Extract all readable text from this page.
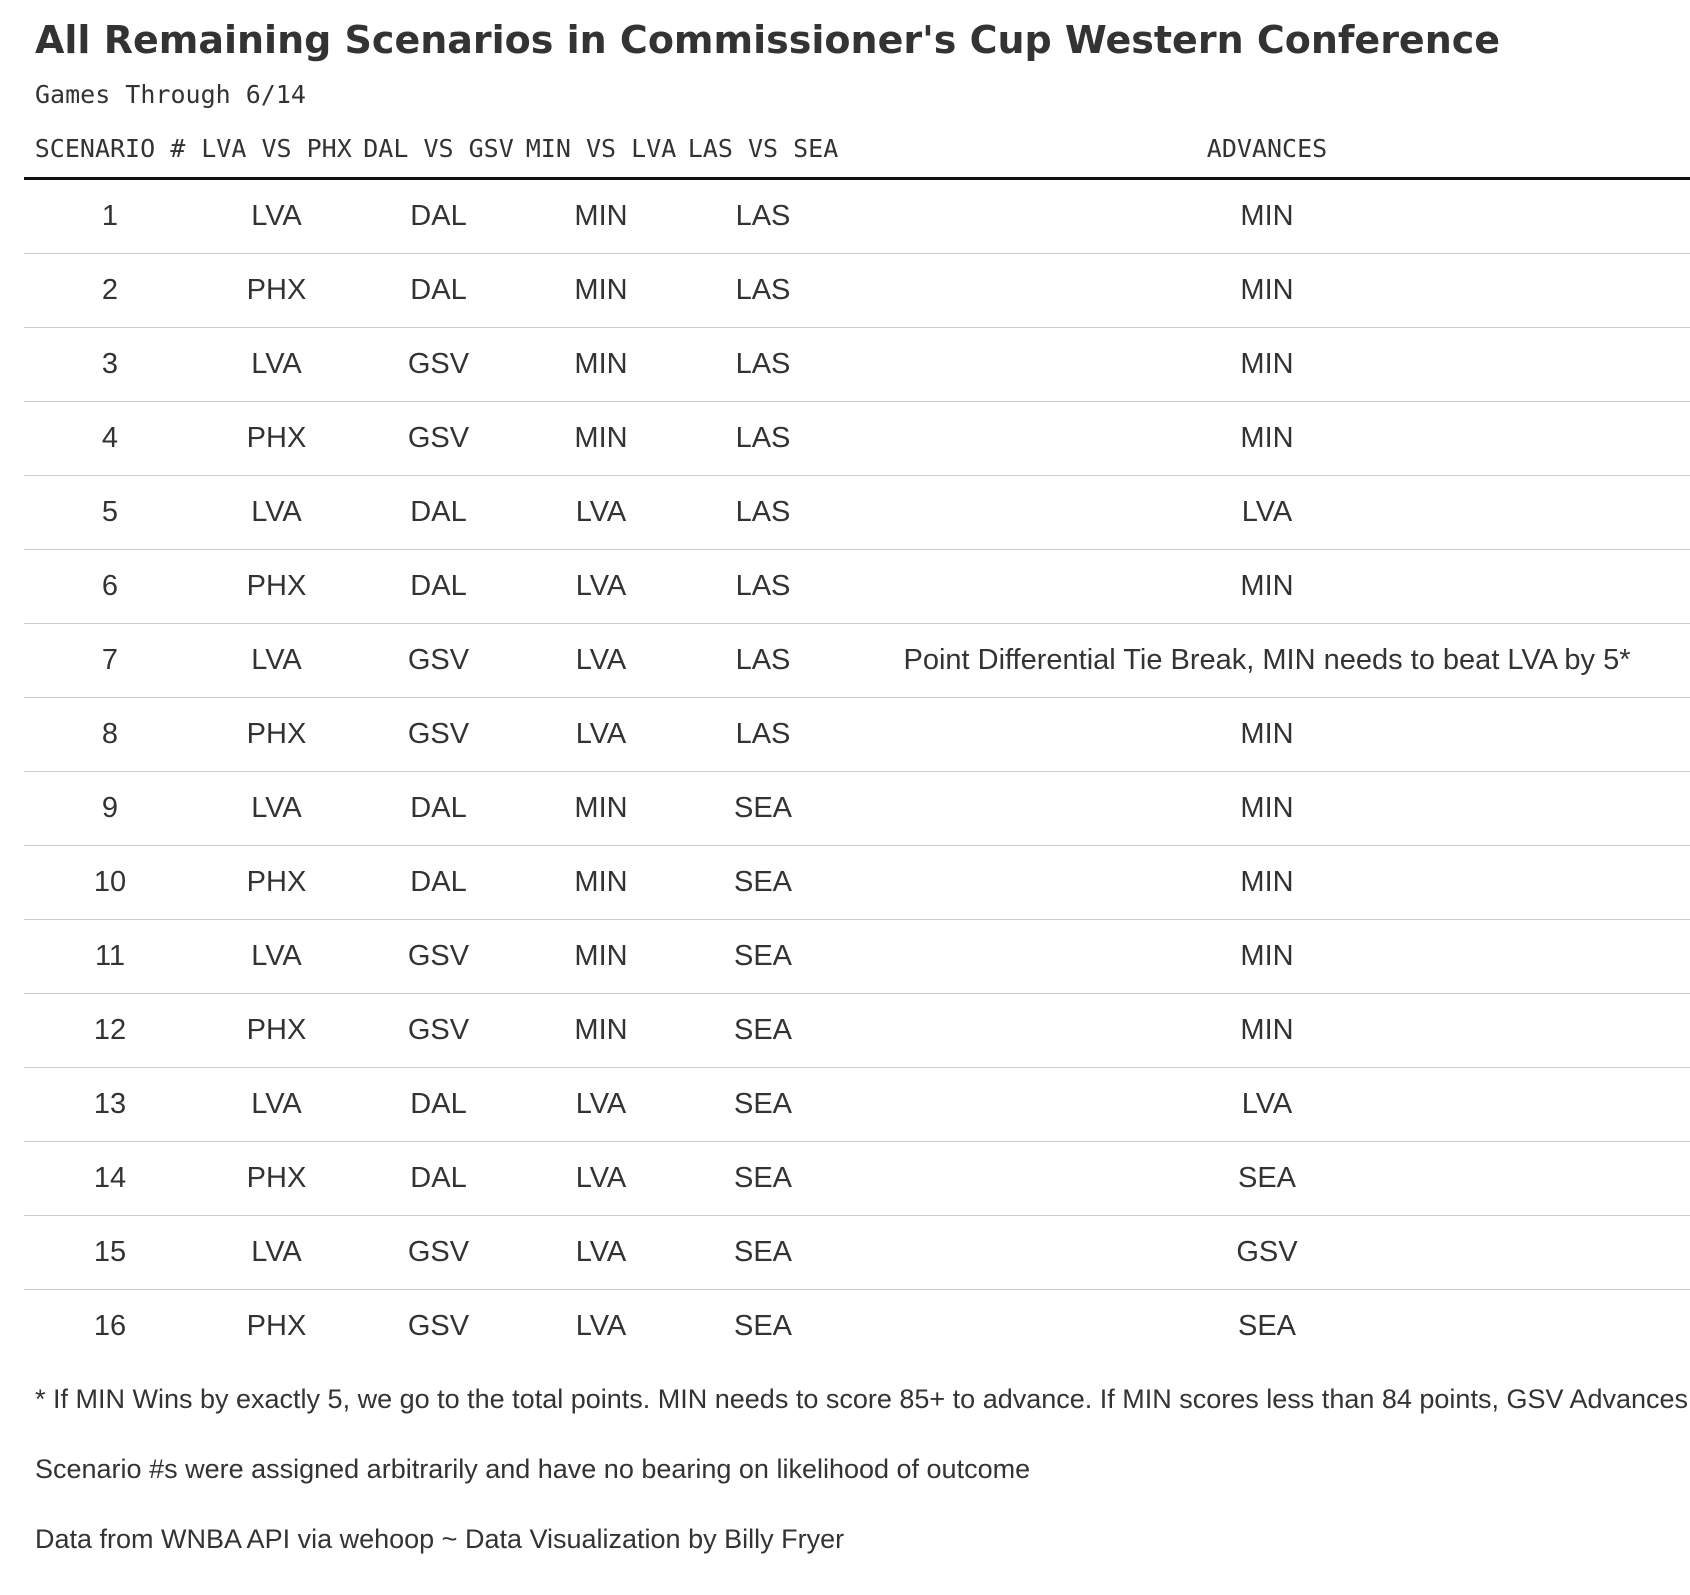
All Remaining Scenarios in Commissioner's Cup Western Conference
Games Through 6/14
SCENARIO #	LVA VS PHX	DAL VS GSV	MIN VS LVA	LAS VS SEA	ADVANCES
1	LVA	DAL	MIN	LAS	MIN
2	PHX	DAL	MIN	LAS	MIN
3	LVA	GSV	MIN	LAS	MIN
4	PHX	GSV	MIN	LAS	MIN
5	LVA	DAL	LVA	LAS	LVA
6	PHX	DAL	LVA	LAS	MIN
7	LVA	GSV	LVA	LAS	Point Differential Tie Break, MIN needs to beat LVA by 5*
8	PHX	GSV	LVA	LAS	MIN
9	LVA	DAL	MIN	SEA	MIN
10	PHX	DAL	MIN	SEA	MIN
11	LVA	GSV	MIN	SEA	MIN
12	PHX	GSV	MIN	SEA	MIN
13	LVA	DAL	LVA	SEA	LVA
14	PHX	DAL	LVA	SEA	SEA
15	LVA	GSV	LVA	SEA	GSV
16	PHX	GSV	LVA	SEA	SEA

* If MIN Wins by exactly 5, we go to the total points. MIN needs to score 85+ to advance. If MIN scores less than 84 points, GSV Advances

Scenario #s were assigned arbitrarily and have no bearing on likelihood of outcome

Data from WNBA API via wehoop ~ Data Visualization by Billy Fryer
